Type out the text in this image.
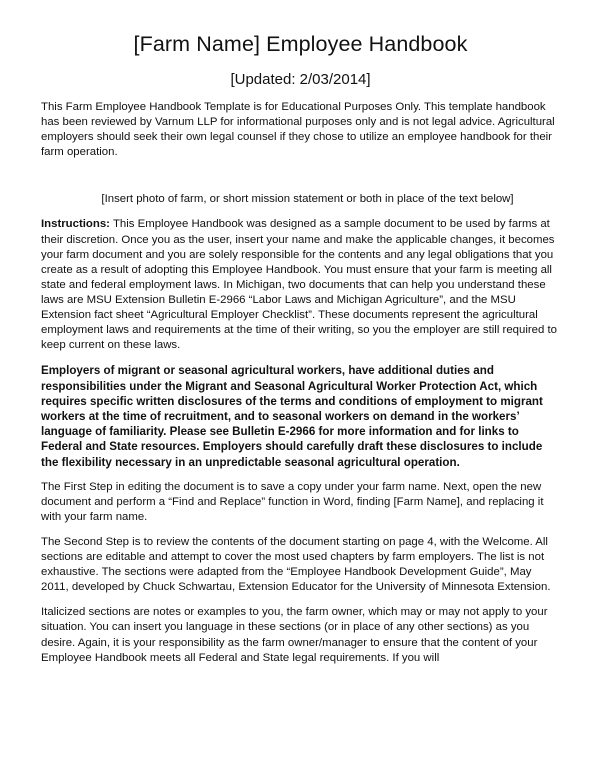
[Farm Name] Employee Handbook
[Updated: 2/03/2014]

This Farm Employee Handbook Template is for Educational Purposes Only. This template handbook has been reviewed by Varnum LLP for informational purposes only and is not legal advice. Agricultural employers should seek their own legal counsel if they chose to utilize an employee handbook for their farm operation.

[Insert photo of farm, or short mission statement or both in place of the text below]

Instructions: This Employee Handbook was designed as a sample document to be used by farms at their discretion. Once you as the user, insert your name and make the applicable changes, it becomes your farm document and you are solely responsible for the contents and any legal obligations that you create as a result of adopting this Employee Handbook. You must ensure that your farm is meeting all state and federal employment laws. In Michigan, two documents that can help you understand these laws are MSU Extension Bulletin E-2966 “Labor Laws and Michigan Agriculture”, and the MSU Extension fact sheet “Agricultural Employer Checklist”. These documents represent the agricultural employment laws and requirements at the time of their writing, so you the employer are still required to keep current on these laws.

Employers of migrant or seasonal agricultural workers, have additional duties and responsibilities under the Migrant and Seasonal Agricultural Worker Protection Act, which requires specific written disclosures of the terms and conditions of employment to migrant workers at the time of recruitment, and to seasonal workers on demand in the workers’ language of familiarity. Please see Bulletin E-2966 for more information and for links to Federal and State resources. Employers should carefully draft these disclosures to include the flexibility necessary in an unpredictable seasonal agricultural operation.

The First Step in editing the document is to save a copy under your farm name. Next, open the new document and perform a “Find and Replace” function in Word, finding [Farm Name], and replacing it with your farm name.

The Second Step is to review the contents of the document starting on page 4, with the Welcome. All sections are editable and attempt to cover the most used chapters by farm employers. The list is not exhaustive. The sections were adapted from the “Employee Handbook Development Guide”, May 2011, developed by Chuck Schwartau, Extension Educator for the University of Minnesota Extension.

Italicized sections are notes or examples to you, the farm owner, which may or may not apply to your situation. You can insert you language in these sections (or in place of any other sections) as you desire. Again, it is your responsibility as the farm owner/manager to ensure that the content of your Employee Handbook meets all Federal and State legal requirements. If you will
